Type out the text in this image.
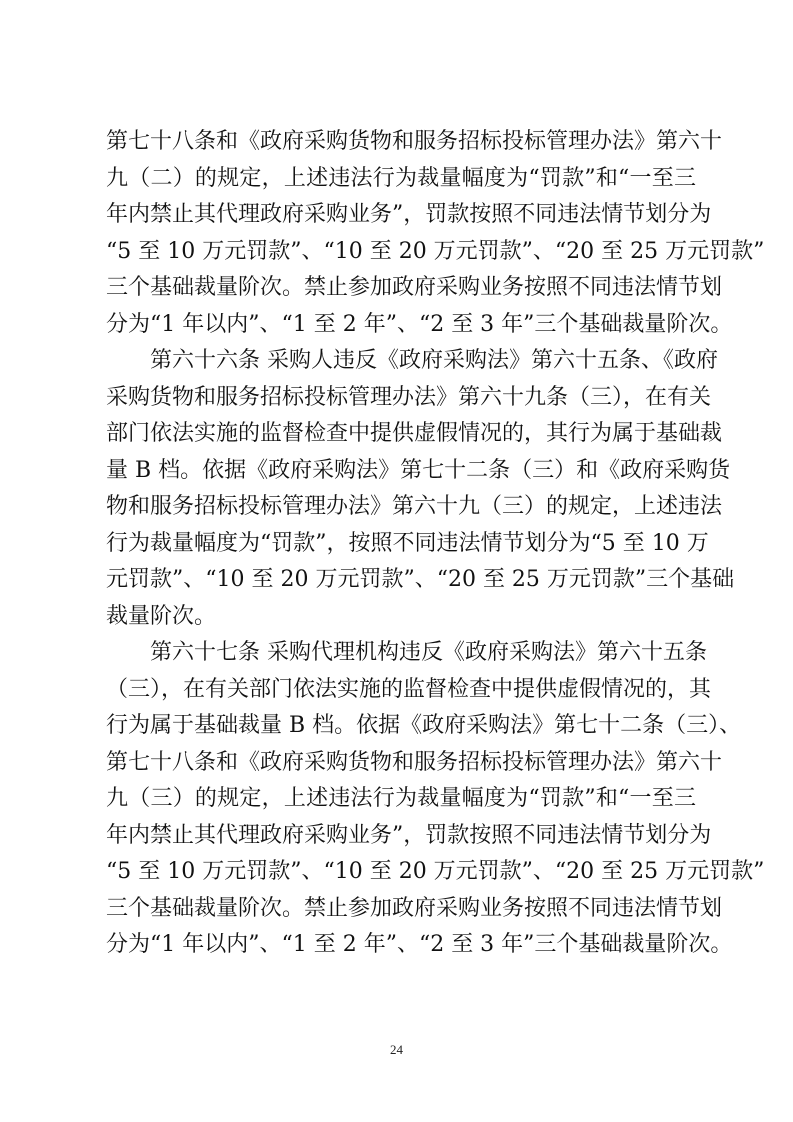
第七十八条和《政府采购货物和服务招标投标管理办法》第六十
九（二）的规定，上述违法行为裁量幅度为“罚款”和“一至三
年内禁止其代理政府采购业务”，罚款按照不同违法情节划分为
“5 至 10 万元罚款”、“10 至 20 万元罚款”、“20 至 25 万元罚款”
三个基础裁量阶次。禁止参加政府采购业务按照不同违法情节划
分为“1 年以内”、“1 至 2 年”、“2 至 3 年”三个基础裁量阶次。
　　第六十六条 采购人违反《政府采购法》第六十五条、《政府
采购货物和服务招标投标管理办法》第六十九条（三），在有关
部门依法实施的监督检查中提供虚假情况的，其行为属于基础裁
量 B 档。依据《政府采购法》第七十二条（三）和《政府采购货
物和服务招标投标管理办法》第六十九（三）的规定，上述违法
行为裁量幅度为“罚款”，按照不同违法情节划分为“5 至 10 万
元罚款”、“10 至 20 万元罚款”、“20 至 25 万元罚款”三个基础
裁量阶次。
　　第六十七条 采购代理机构违反《政府采购法》第六十五条
（三），在有关部门依法实施的监督检查中提供虚假情况的，其
行为属于基础裁量 B 档。依据《政府采购法》第七十二条（三）、
第七十八条和《政府采购货物和服务招标投标管理办法》第六十
九（三）的规定，上述违法行为裁量幅度为“罚款”和“一至三
年内禁止其代理政府采购业务”，罚款按照不同违法情节划分为
“5 至 10 万元罚款”、“10 至 20 万元罚款”、“20 至 25 万元罚款”
三个基础裁量阶次。禁止参加政府采购业务按照不同违法情节划
分为“1 年以内”、“1 至 2 年”、“2 至 3 年”三个基础裁量阶次。
24
